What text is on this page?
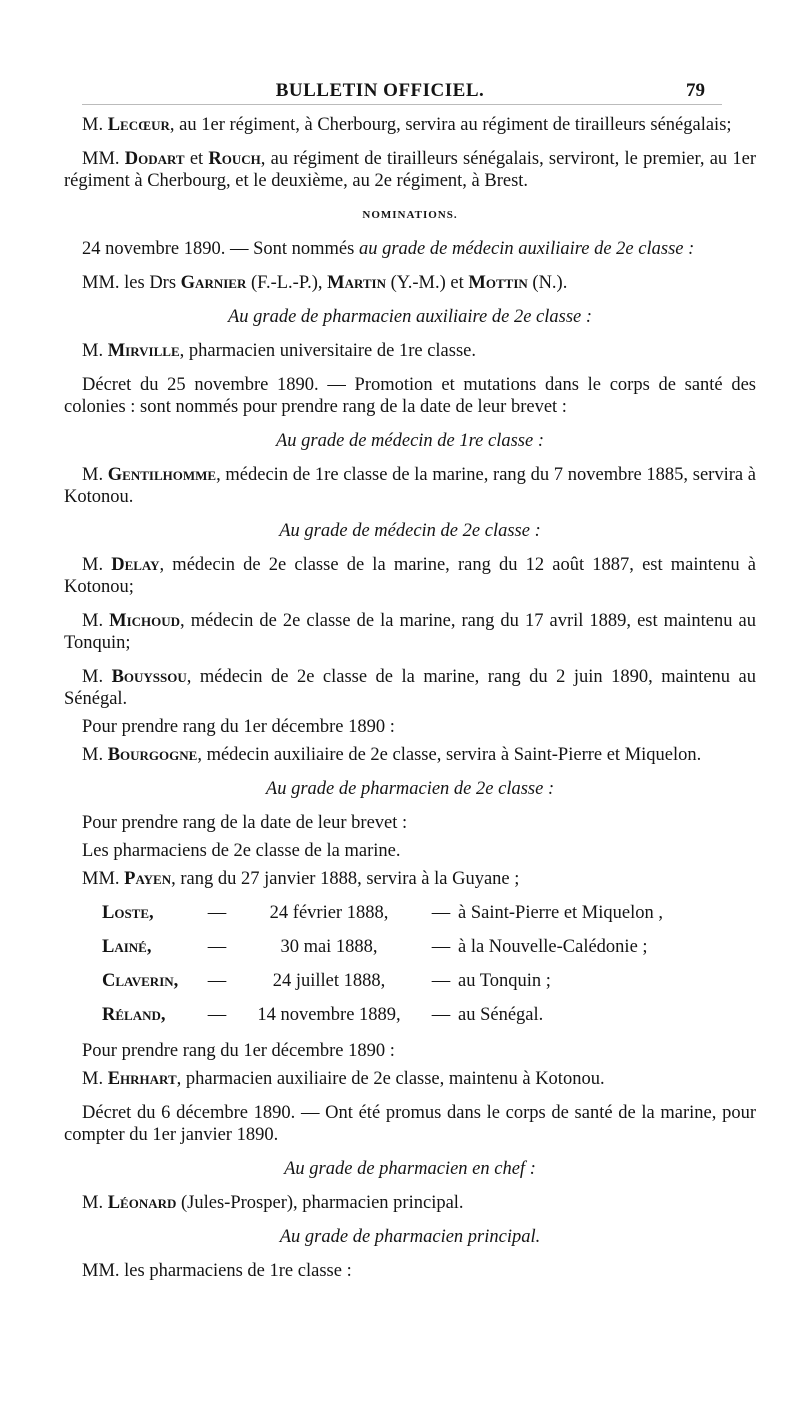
BULLETIN OFFICIEL.	79

M. Lecœur, au 1er régiment, à Cherbourg, servira au régiment de tirailleurs sénégalais;

MM. Dodart et Rouch, au régiment de tirailleurs sénégalais, serviront, le premier, au 1er régiment à Cherbourg, et le deuxième, au 2e régiment, à Brest.

NOMINATIONS.

24 novembre 1890. — Sont nommés au grade de médecin auxiliaire de 2e classe :

MM. les Drs Garnier (F.-L.-P.), Martin (Y.-M.) et Mottin (N.).

Au grade de pharmacien auxiliaire de 2e classe :

M. Mirville, pharmacien universitaire de 1re classe.

Décret du 25 novembre 1890. — Promotion et mutations dans le corps de santé des colonies : sont nommés pour prendre rang de la date de leur brevet :

Au grade de médecin de 1re classe :

M. Gentilhomme, médecin de 1re classe de la marine, rang du 7 novembre 1885, servira à Kotonou.

Au grade de médecin de 2e classe :

M. Delay, médecin de 2e classe de la marine, rang du 12 août 1887, est maintenu à Kotonou;

M. Michoud, médecin de 2e classe de la marine, rang du 17 avril 1889, est maintenu au Tonquin;

M. Bouyssou, médecin de 2e classe de la marine, rang du 2 juin 1890, maintenu au Sénégal.

Pour prendre rang du 1er décembre 1890 :

M. Bourgogne, médecin auxiliaire de 2e classe, servira à Saint-Pierre et Miquelon.

Au grade de pharmacien de 2e classe :

Pour prendre rang de la date de leur brevet :

Les pharmaciens de 2e classe de la marine.

MM. Payen, rang du 27 janvier 1888, servira à la Guyane ;

Loste,	—	24 février 1888,	— à Saint-Pierre et Miquelon ,
Lainé,	—	30 mai 1888,	— à la Nouvelle-Calédonie ;
Claverin,	—	24 juillet 1888,	— au Tonquin ;
Réland,	—	14 novembre 1889,	— au Sénégal.

Pour prendre rang du 1er décembre 1890 :

M. Ehrhart, pharmacien auxiliaire de 2e classe, maintenu à Kotonou.

Décret du 6 décembre 1890. — Ont été promus dans le corps de santé de la marine, pour compter du 1er janvier 1890.

Au grade de pharmacien en chef :

M. Léonard (Jules-Prosper), pharmacien principal.

Au grade de pharmacien principal.

MM. les pharmaciens de 1re classe :
